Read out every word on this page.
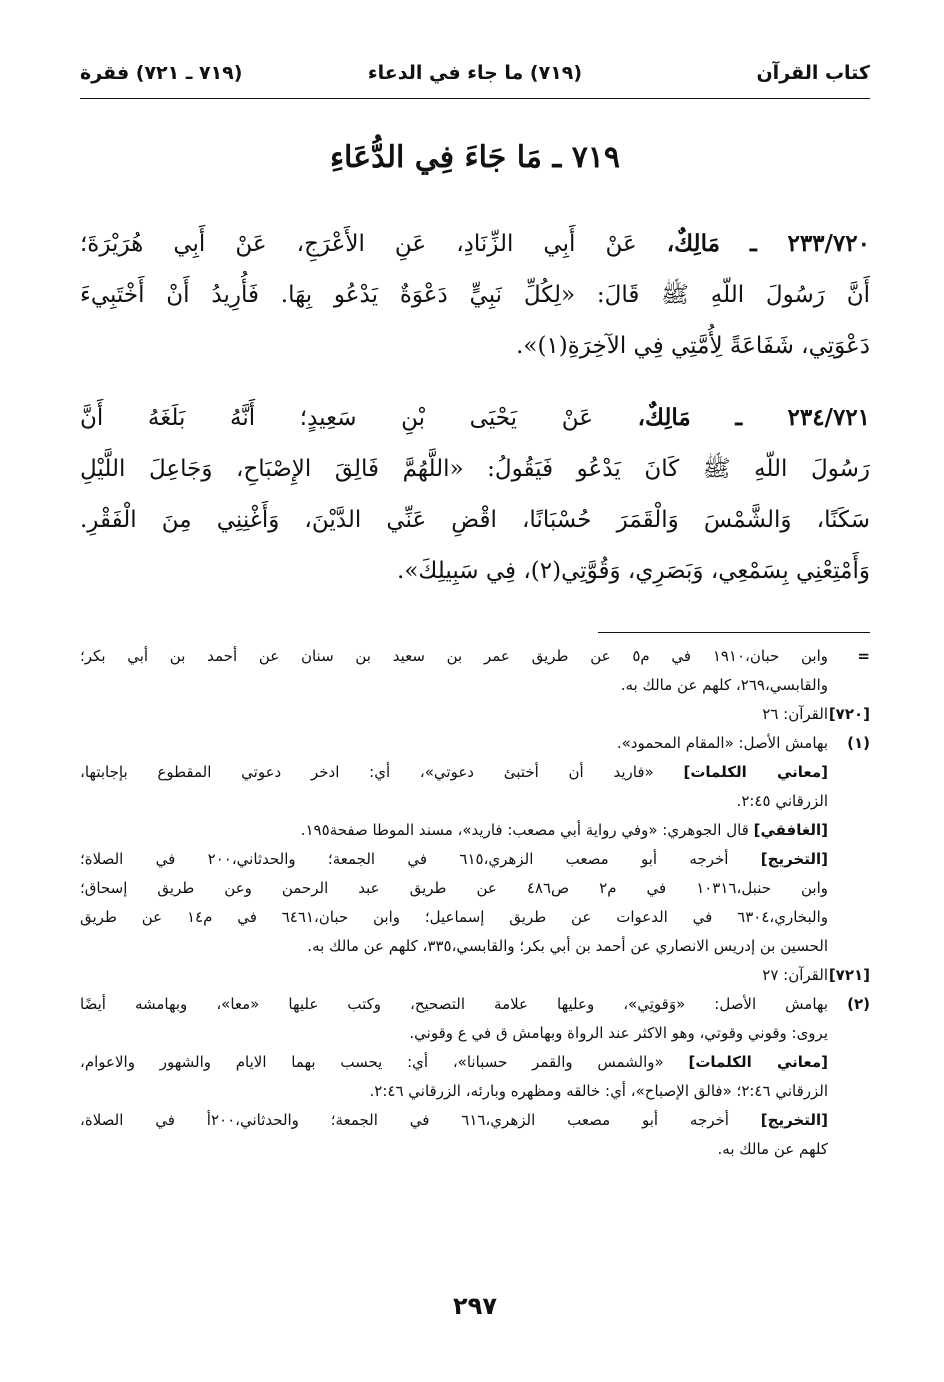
كتاب القرآن
(٧١٩) ما جاء في الدعاء
(٧١٩ ـ ٧٢١) فقرة
٧١٩ ـ مَا جَاءَ فِي الدُّعَاءِ
٢٣٣/٧٢٠ ـ مَالِكٌ، عَنْ أَبِي الزِّنَادِ، عَنِ الأَعْرَجِ، عَنْ أَبِي هُرَيْرَةَ؛
أَنَّ رَسُولَ اللّهِ ﷺ قَالَ: «لِكُلِّ نَبِيٍّ دَعْوَةٌ يَدْعُو بِهَا. فَأُرِيدُ أَنْ أَخْتَبِيءَ
دَعْوَتِي، شَفَاعَةً لِأُمَّتِي فِي الآخِرَةِ(١)».
٢٣٤/٧٢١ ـ مَالِكٌ، عَنْ يَحْيَى بْنِ سَعِيدٍ؛ أَنَّهُ بَلَغَهُ أَنَّ
رَسُولَ اللّهِ ﷺ كَانَ يَدْعُو فَيَقُولُ: «اللَّهُمَّ فَالِقَ الإِصْبَاحِ، وَجَاعِلَ اللَّيْلِ
سَكَنًا، وَالشَّمْسَ وَالْقَمَرَ حُسْبَانًا، اقْضِ عَنِّي الدَّيْنَ، وَأَغْنِنِي مِنَ الْفَقْرِ.
وَأَمْتِعْنِي بِسَمْعِي، وَبَصَرِي، وَقُوَّتِي(٢)، فِي سَبِيلِكَ».
=
وابن حبان،١٩١٠ في م٥ عن طريق عمر بن سعيد بن سنان عن أحمد بن أبي بكر؛
والقابسي،٢٦٩، كلهم عن مالك به.
[٧٢٠]
القرآن: ٢٦
(١)
بهامش الأصل: «المقام المحمود».
[معاني الكلمات] «فاريد أن أختبئ دعوتي»، أي: ادخر دعوتي المقطوع بإجابتها،
الزرقاني ٢:٤٥.
[الغافقي] قال الجوهري: «وفي رواية أبي مصعب: فاريد»، مسند الموطا صفحة١٩٥.
[التخريج] أخرجه أبو مصعب الزهري،٦١٥ في الجمعة؛ والحدثاني،٢٠٠ في الصلاة؛
وابن حنبل،١٠٣١٦ في م٢ ص٤٨٦ عن طريق عبد الرحمن وعن طريق إسحاق؛
والبخاري،٦٣٠٤ في الدعوات عن طريق إسماعيل؛ وابن حبان،٦٤٦١ في م١٤ عن طريق
الحسين بن إدريس الانصاري عن أحمد بن أبي بكر؛ والقابسي،٣٣٥، كلهم عن مالك به.
[٧٢١]
القرآن: ٢٧
(٢)
بهامش الأصل: «وَقوتِي»، وعليها علامة التصحيح، وكتب عليها «معا»، وبهامشه أيضًا
يروى: وقوني وقوتي، وهو الاكثر عند الرواة وبهامش ق في ع وقوني.
[معاني الكلمات] «والشمس والقمر حسبانا»، أي: يحسب بهما الايام والشهور والاعوام،
الزرقاني ٢:٤٦؛ «فالق الإصباح»، أي: خالقه ومظهره وبارئه، الزرقاني ٢:٤٦.
[التخريج] أخرجه أبو مصعب الزهري،٦١٦ في الجمعة؛ والحدثاني،٢٠٠أ في الصلاة،
كلهم عن مالك به.
٢٩٧
